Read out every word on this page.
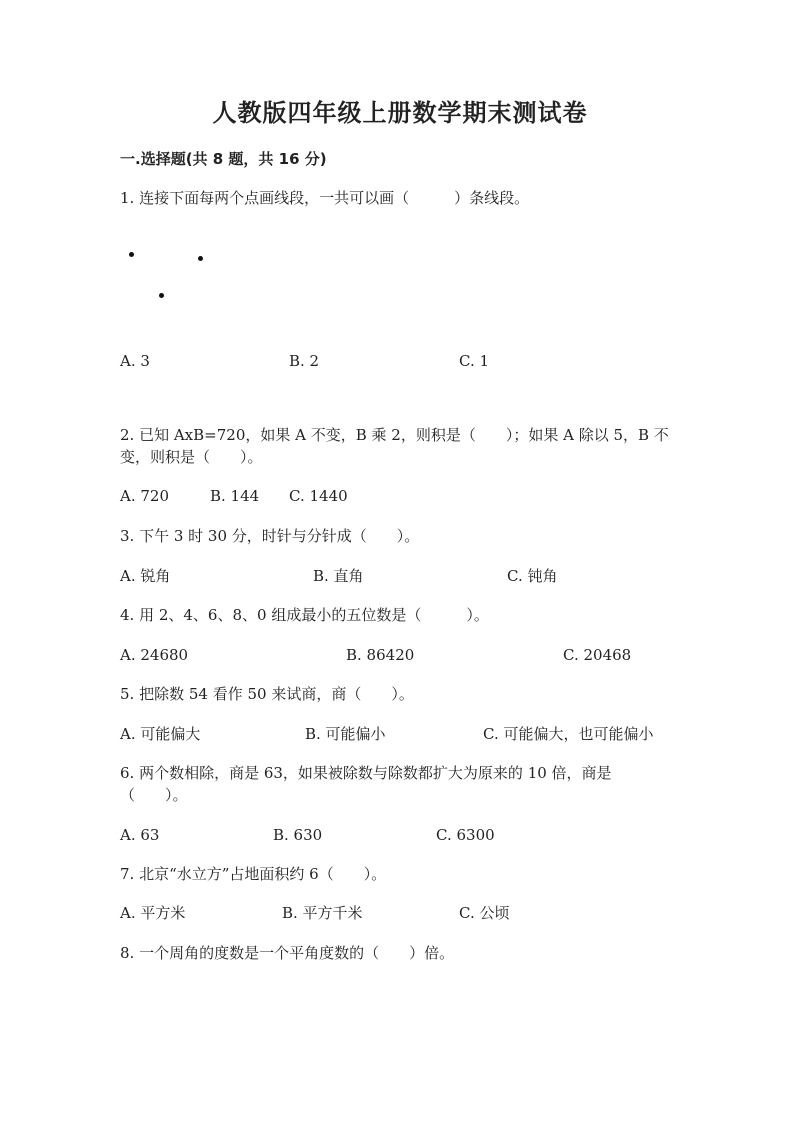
人教版四年级上册数学期末测试卷
一.选择题(共 8 题，共 16 分)
1. 连接下面每两个点画线段，一共可以画（　　　）条线段。
A. 3	B. 2	C. 1
2. 已知 AxB=720，如果 A 不变，B 乘 2，则积是（　　）；如果 A 除以 5，B 不
变，则积是（　　）。
A. 720	B. 144 C. 1440
3. 下午 3 时 30 分，时针与分针成（　　）。
A. 锐角	B. 直角	C. 钝角
4. 用 2、4、6、8、0 组成最小的五位数是（　　　）。
A. 24680	B. 86420	C. 20468
5. 把除数 54 看作 50 来试商，商（　　）。
A. 可能偏大	B. 可能偏小	C. 可能偏大，也可能偏小
6. 两个数相除，商是 63，如果被除数与除数都扩大为原来的 10 倍，商是
（　　）。
A. 63	B. 630	C. 6300
7. 北京“水立方”占地面积约 6（　　）。
A. 平方米	B. 平方千米	C. 公顷
8. 一个周角的度数是一个平角度数的（　　）倍。
